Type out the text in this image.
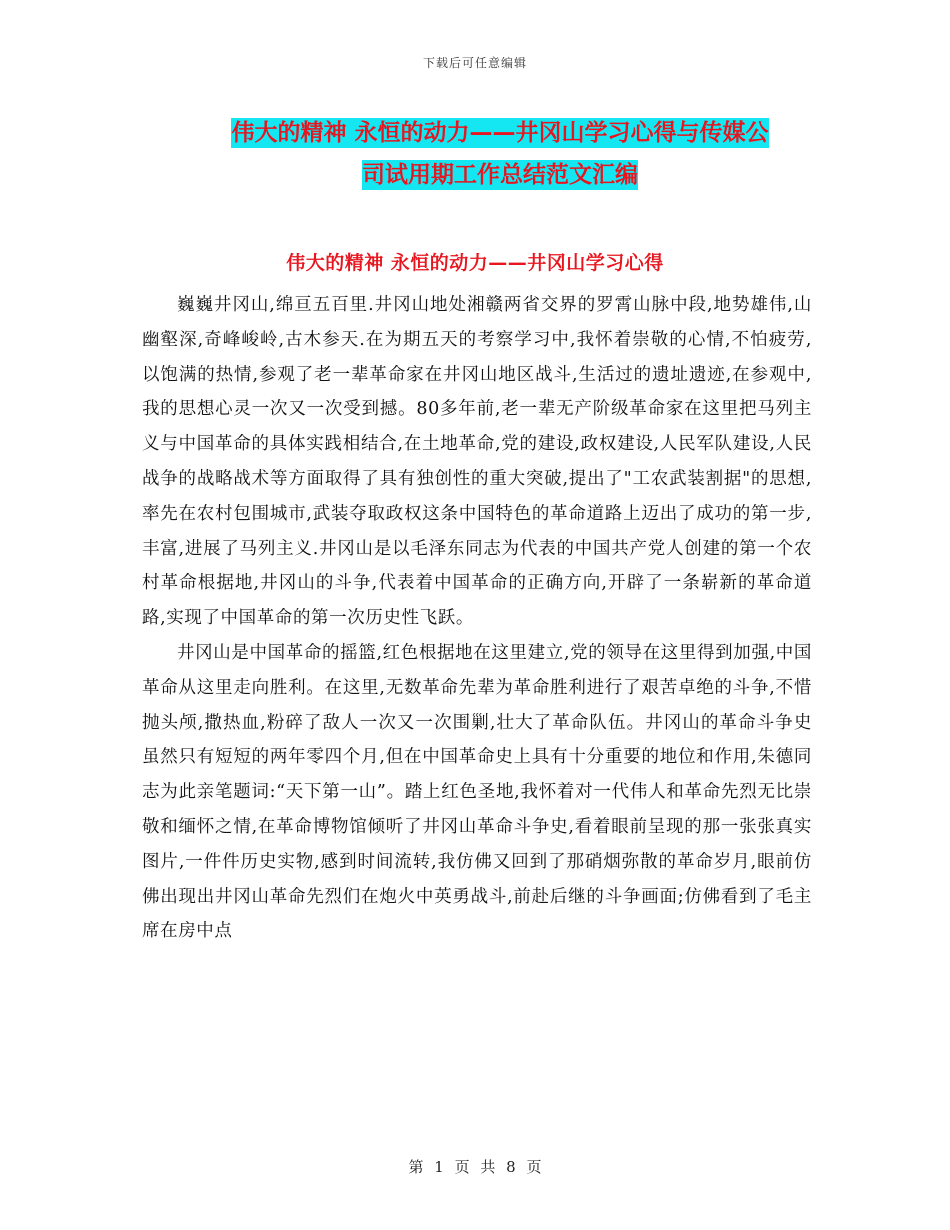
下载后可任意编辑
伟大的精神 永恒的动力——井冈山学习心得与传媒公
司试用期工作总结范文汇编
伟大的精神 永恒的动力——井冈山学习心得

巍巍井冈山,绵亘五百里.井冈山地处湘赣两省交界的罗霄山脉中段,地势雄伟,山幽壑深,奇峰峻岭,古木参天.在为期五天的考察学习中,我怀着崇敬的心情,不怕疲劳,以饱满的热情,参观了老一辈革命家在井冈山地区战斗,生活过的遗址遗迹,在参观中,我的思想心灵一次又一次受到撼。80多年前,老一辈无产阶级革命家在这里把马列主义与中国革命的具体实践相结合,在土地革命,党的建设,政权建设,人民军队建设,人民战争的战略战术等方面取得了具有独创性的重大突破,提出了"工农武装割据"的思想,率先在农村包围城市,武装夺取政权这条中国特色的革命道路上迈出了成功的第一步,丰富,进展了马列主义.井冈山是以毛泽东同志为代表的中国共产党人创建的第一个农村革命根据地,井冈山的斗争,代表着中国革命的正确方向,开辟了一条崭新的革命道路,实现了中国革命的第一次历史性飞跃。

井冈山是中国革命的摇篮,红色根据地在这里建立,党的领导在这里得到加强,中国革命从这里走向胜利。在这里,无数革命先辈为革命胜利进行了艰苦卓绝的斗争,不惜抛头颅,撒热血,粉碎了敌人一次又一次围剿,壮大了革命队伍。井冈山的革命斗争史虽然只有短短的两年零四个月,但在中国革命史上具有十分重要的地位和作用,朱德同志为此亲笔题词:“天下第一山”。踏上红色圣地,我怀着对一代伟人和革命先烈无比崇敬和缅怀之情,在革命博物馆倾听了井冈山革命斗争史,看着眼前呈现的那一张张真实图片,一件件历史实物,感到时间流转,我仿佛又回到了那硝烟弥散的革命岁月,眼前仿佛出现出井冈山革命先烈们在炮火中英勇战斗,前赴后继的斗争画面;仿佛看到了毛主席在房中点

第 1 页 共 8 页
